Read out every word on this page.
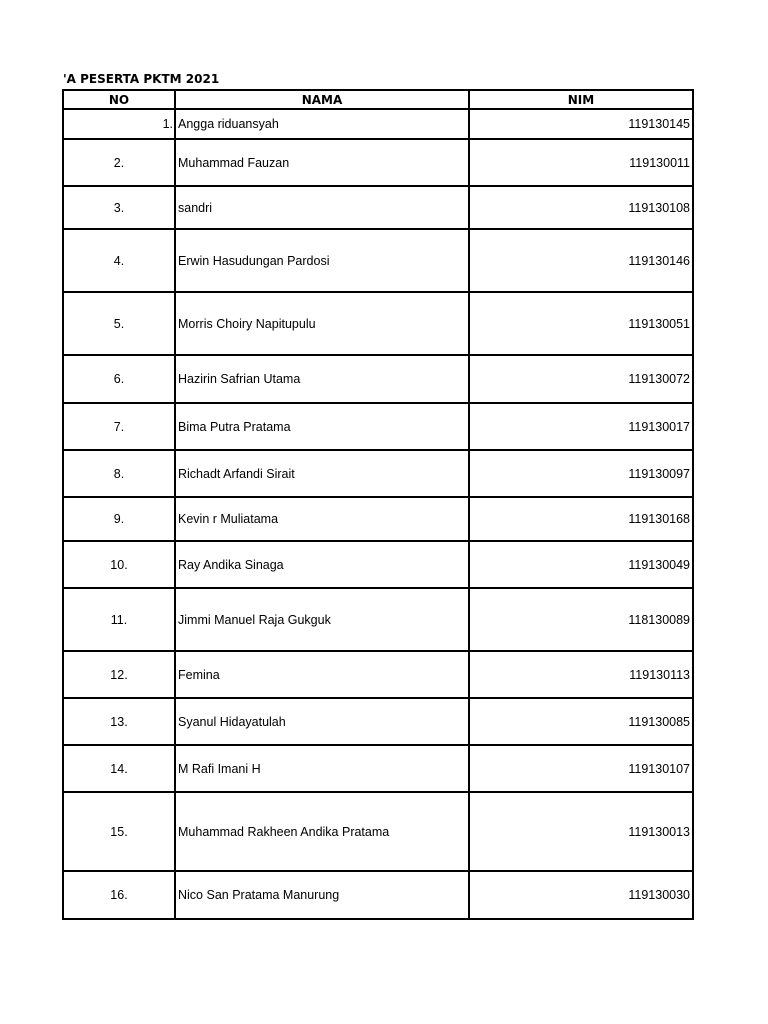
'A PESERTA PKTM 2021
NO	NAMA	NIM
1.	Angga riduansyah	119130145
2.	Muhammad Fauzan	119130011
3.	sandri	119130108
4.	Erwin Hasudungan Pardosi	119130146
5.	Morris Choiry Napitupulu	119130051
6.	Hazirin Safrian Utama	119130072
7.	Bima Putra Pratama	119130017
8.	Richadt Arfandi Sirait	119130097
9.	Kevin r Muliatama	119130168
10.	Ray Andika Sinaga	119130049
11.	Jimmi Manuel Raja Gukguk	118130089
12.	Femina	119130113
13.	Syanul Hidayatulah	119130085
14.	M Rafi Imani H	119130107
15.	Muhammad Rakheen Andika Pratama	119130013
16.	Nico San Pratama Manurung	119130030
